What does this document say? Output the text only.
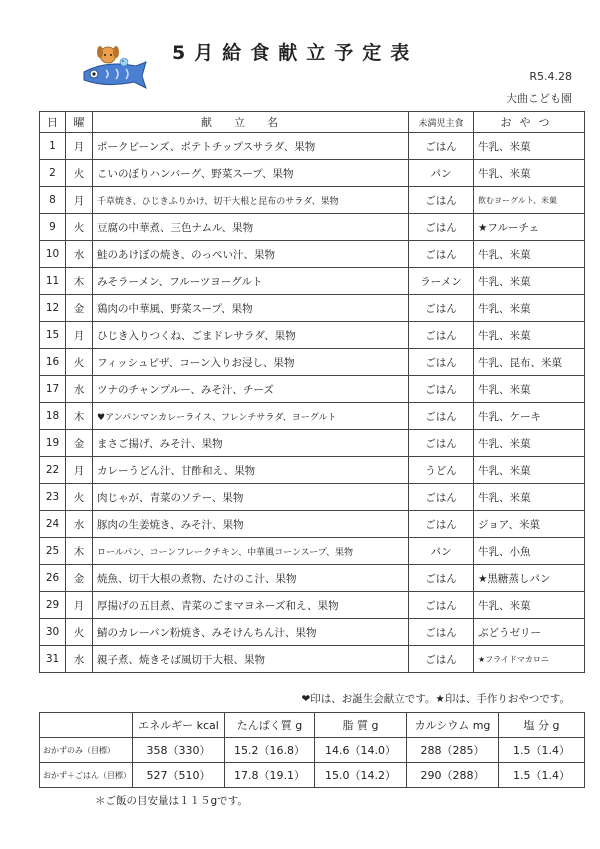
5月給食献立予定表
R5.4.28
大曲こども園
日	曜	献立名	未満児主食	おやつ
1	月	ポークビーンズ、ポテトチップスサラダ、果物	ごはん	牛乳、米菓
2	火	こいのぼりハンバーグ、野菜スープ、果物	パン	牛乳、米菓
8	月	千草焼き、ひじきふりかけ、切干大根と昆布のサラダ、果物	ごはん	飲むヨーグルト、米菓
9	火	豆腐の中華煮、三色ナムル、果物	ごはん	★フルーチェ
10	水	鮭のあけぼの焼き、のっぺい汁、果物	ごはん	牛乳、米菓
11	木	みそラーメン、フルーツヨーグルト	ラーメン	牛乳、米菓
12	金	鶏肉の中華風、野菜スープ、果物	ごはん	牛乳、米菓
15	月	ひじき入りつくね、ごまドレサラダ、果物	ごはん	牛乳、米菓
16	火	フィッシュピザ、コーン入りお浸し、果物	ごはん	牛乳、昆布、米菓
17	水	ツナのチャンプルー、みそ汁、チーズ	ごはん	牛乳、米菓
18	木	♥アンパンマンカレーライス、フレンチサラダ、ヨーグルト	ごはん	牛乳、ケーキ
19	金	まさご揚げ、みそ汁、果物	ごはん	牛乳、米菓
22	月	カレーうどん汁、甘酢和え、果物	うどん	牛乳、米菓
23	火	肉じゃが、青菜のソテー、果物	ごはん	牛乳、米菓
24	水	豚肉の生姜焼き、みそ汁、果物	ごはん	ジョア、米菓
25	木	ロールパン、コーンフレークチキン、中華風コーンスープ、果物	パン	牛乳、小魚
26	金	焼魚、切干大根の煮物、たけのこ汁、果物	ごはん	★黒糖蒸しパン
29	月	厚揚げの五目煮、青菜のごまマヨネーズ和え、果物	ごはん	牛乳、米菓
30	火	鯖のカレーパン粉焼き、みそけんちん汁、果物	ごはん	ぶどうゼリー
31	水	親子煮、焼きそば風切干大根、果物	ごはん	★フライドマカロニ
❤印は、お誕生会献立です。★印は、手作りおやつです。
	エネルギー kcal	たんぱく質 g	脂 質 g	カルシウム mg	塩 分 g
おかずのみ（目標）	358（330）	15.2（16.8）	14.6（14.0）	288（285）	1.5（1.4）
おかず＋ごはん（目標）	527（510）	17.8（19.1）	15.0（14.2）	290（288）	1.5（1.4）
＊ご飯の目安量は１１５gです。
